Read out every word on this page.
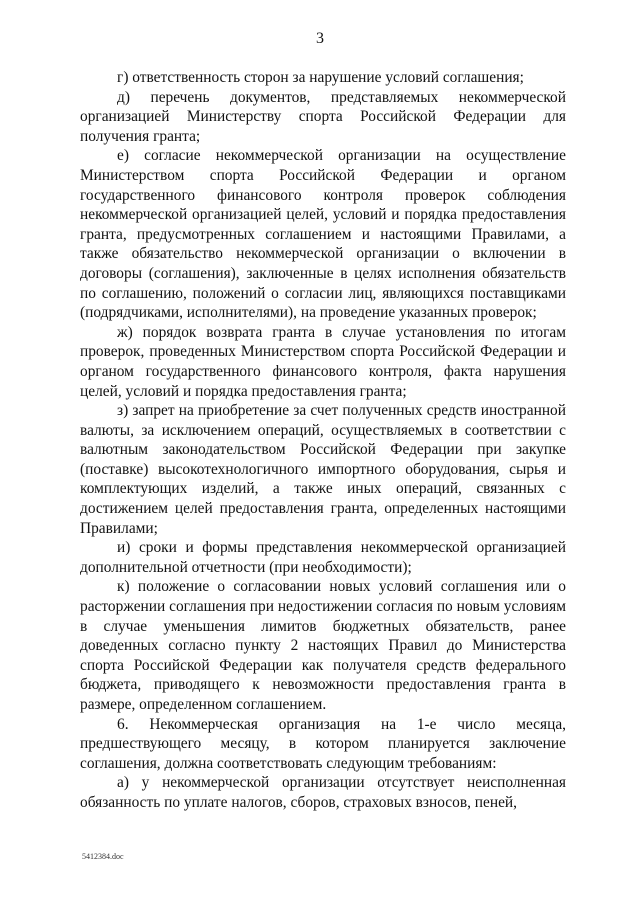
3

г) ответственность сторон за нарушение условий соглашения;

д) перечень документов, представляемых некоммерческой организацией Министерству спорта Российской Федерации для получения гранта;

е) согласие некоммерческой организации на осуществление Министерством спорта Российской Федерации и органом государственного финансового контроля проверок соблюдения некоммерческой организацией целей, условий и порядка предоставления гранта, предусмотренных соглашением и настоящими Правилами, а также обязательство некоммерческой организации о включении в договоры (соглашения), заключенные в целях исполнения обязательств по соглашению, положений о согласии лиц, являющихся поставщиками (подрядчиками, исполнителями), на проведение указанных проверок;

ж) порядок возврата гранта в случае установления по итогам проверок, проведенных Министерством спорта Российской Федерации и органом государственного финансового контроля, факта нарушения целей, условий и порядка предоставления гранта;

з) запрет на приобретение за счет полученных средств иностранной валюты, за исключением операций, осуществляемых в соответствии с валютным законодательством Российской Федерации при закупке (поставке) высокотехнологичного импортного оборудования, сырья и комплектующих изделий, а также иных операций, связанных с достижением целей предоставления гранта, определенных настоящими Правилами;

и) сроки и формы представления некоммерческой организацией дополнительной отчетности (при необходимости);

к) положение о согласовании новых условий соглашения или о расторжении соглашения при недостижении согласия по новым условиям в случае уменьшения лимитов бюджетных обязательств, ранее доведенных согласно пункту 2 настоящих Правил до Министерства спорта Российской Федерации как получателя средств федерального бюджета, приводящего к невозможности предоставления гранта в размере, определенном соглашением.

6. Некоммерческая организация на 1-е число месяца, предшествующего месяцу, в котором планируется заключение соглашения, должна соответствовать следующим требованиям:

а) у некоммерческой организации отсутствует неисполненная обязанность по уплате налогов, сборов, страховых взносов, пеней,

5412384.doc
